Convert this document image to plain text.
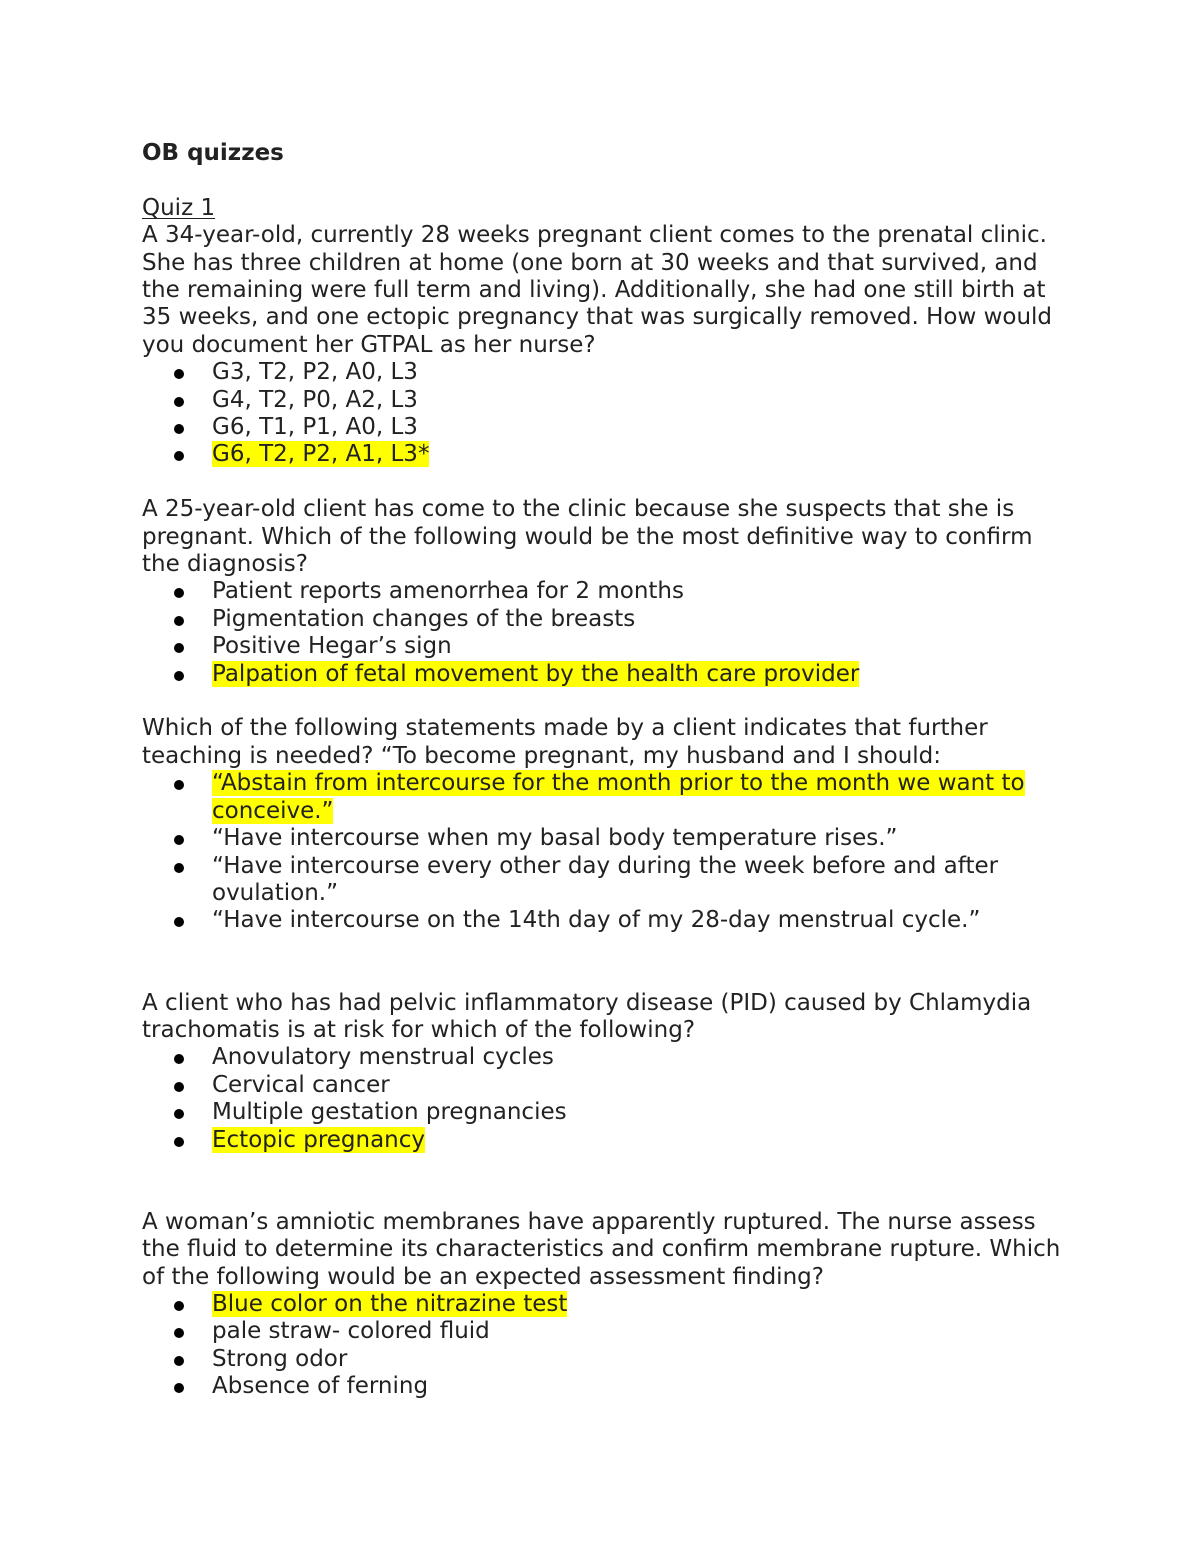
OB quizzes
Quiz 1

A 34-year-old, currently 28 weeks pregnant client comes to the prenatal clinic. She has three children at home (one born at 30 weeks and that survived, and the remaining were full term and living). Additionally, she had one still birth at 35 weeks, and one ectopic pregnancy that was surgically removed. How would you document her GTPAL as her nurse?

G3, T2, P2, A0, L3
G4, T2, P0, A2, L3
G6, T1, P1, A0, L3
G6, T2, P2, A1, L3*

A 25-year-old client has come to the clinic because she suspects that she is pregnant. Which of the following would be the most definitive way to confirm the diagnosis?

Patient reports amenorrhea for 2 months
Pigmentation changes of the breasts
Positive Hegar’s sign
Palpation of fetal movement by the health care provider

Which of the following statements made by a client indicates that further teaching is needed? “To become pregnant, my husband and I should:

“Abstain from intercourse for the month prior to the month we want to conceive.”
“Have intercourse when my basal body temperature rises.”
“Have intercourse every other day during the week before and after ovulation.”
“Have intercourse on the 14th day of my 28-day menstrual cycle.”

A client who has had pelvic inflammatory disease (PID) caused by Chlamydia trachomatis is at risk for which of the following?

Anovulatory menstrual cycles
Cervical cancer
Multiple gestation pregnancies
Ectopic pregnancy

A woman’s amniotic membranes have apparently ruptured. The nurse assess the fluid to determine its characteristics and confirm membrane rupture. Which of the following would be an expected assessment finding?

Blue color on the nitrazine test
pale straw- colored fluid
Strong odor
Absence of ferning
